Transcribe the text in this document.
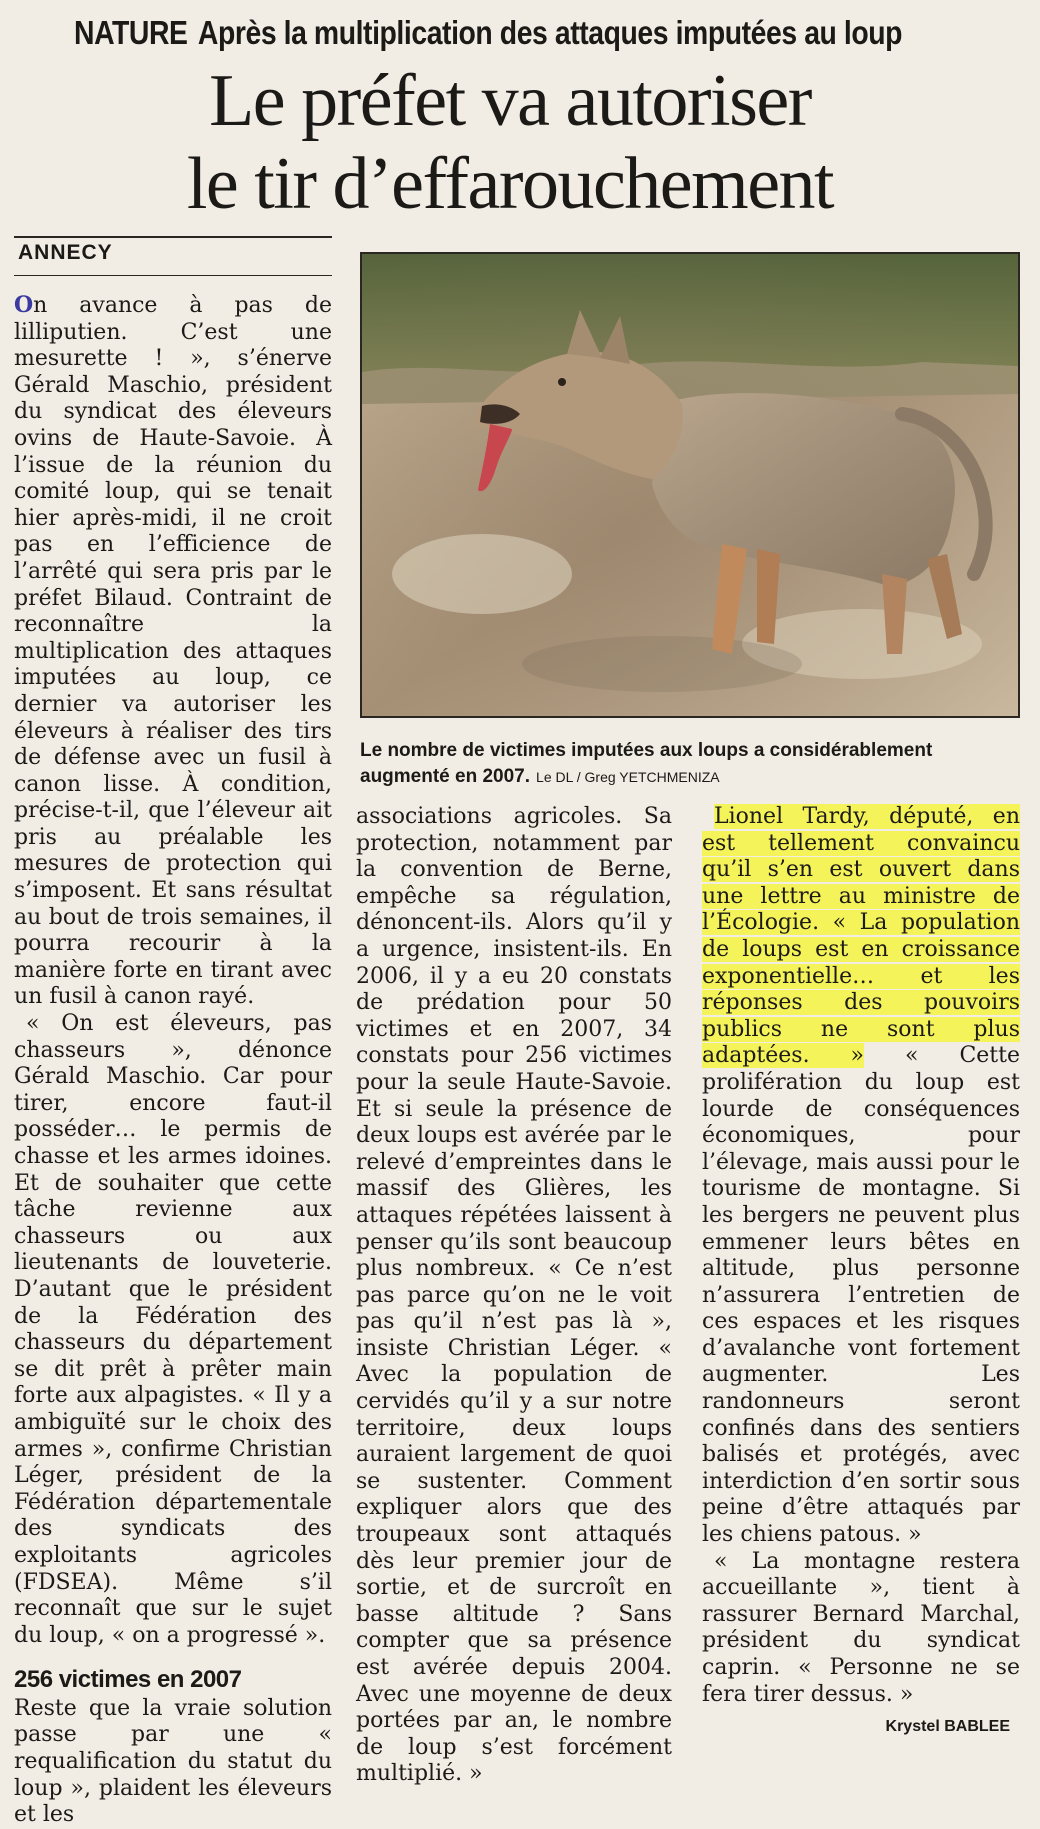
NATURE Après la multiplication des attaques imputées au loup
Le préfet va autoriser
le tir d’effarouchement
ANNECY

On avance à pas de lilliputien. C’est une mesurette ! », s’énerve Gérald Maschio, président du syndicat des éleveurs ovins de Haute-Savoie. À l’issue de la réunion du comité loup, qui se tenait hier après-midi, il ne croit pas en l’efficience de l’arrêté qui sera pris par le préfet Bilaud. Contraint de reconnaître la multiplication des attaques imputées au loup, ce dernier va autoriser les éleveurs à réaliser des tirs de défense avec un fusil à canon lisse. À condition, précise-t-il, que l’éleveur ait pris au préalable les mesures de protection qui s’imposent. Et sans résultat au bout de trois semaines, il pourra recourir à la manière forte en tirant avec un fusil à canon rayé.

« On est éleveurs, pas chasseurs », dénonce Gérald Maschio. Car pour tirer, encore faut-il posséder… le permis de chasse et les armes idoines. Et de souhaiter que cette tâche revienne aux chasseurs ou aux lieutenants de louveterie. D’autant que le président de la Fédération des chasseurs du département se dit prêt à prêter main forte aux alpagistes. « Il y a ambiguïté sur le choix des armes », confirme Christian Léger, président de la Fédération départementale des syndicats des exploitants agricoles (FDSEA). Même s’il reconnaît que sur le sujet du loup, « on a progressé ».

256 victimes en 2007

Reste que la vraie solution passe par une « requalification du statut du loup », plaident les éleveurs et les

Le nombre de victimes imputées aux loups a considérablement augmenté en 2007. Le DL / Greg YETCHMENIZA

associations agricoles. Sa protection, notamment par la convention de Berne, empêche sa régulation, dénoncent-ils. Alors qu’il y a urgence, insistent-ils. En 2006, il y a eu 20 constats de prédation pour 50 victimes et en 2007, 34 constats pour 256 victimes pour la seule Haute-Savoie. Et si seule la présence de deux loups est avérée par le relevé d’empreintes dans le massif des Glières, les attaques répétées laissent à penser qu’ils sont beaucoup plus nombreux. « Ce n’est pas parce qu’on ne le voit pas qu’il n’est pas là », insiste Christian Léger. « Avec la population de cervidés qu’il y a sur notre territoire, deux loups auraient largement de quoi se sustenter. Comment expliquer alors que des troupeaux sont attaqués dès leur premier jour de sortie, et de surcroît en basse altitude ? Sans compter que sa présence est avérée depuis 2004. Avec une moyenne de deux portées par an, le nombre de loup s’est forcément multiplié. »

Lionel Tardy, député, en est tellement convaincu qu’il s’en est ouvert dans une lettre au ministre de l’Écologie. « La population de loups est en croissance exponentielle… et les réponses des pouvoirs publics ne sont plus adaptées. » « Cette prolifération du loup est lourde de conséquences économiques, pour l’élevage, mais aussi pour le tourisme de montagne. Si les bergers ne peuvent plus emmener leurs bêtes en altitude, plus personne n’assurera l’entretien de ces espaces et les risques d’avalanche vont fortement augmenter. Les randonneurs seront confinés dans des sentiers balisés et protégés, avec interdiction d’en sortir sous peine d’être attaqués par les chiens patous. »

« La montagne restera accueillante », tient à rassurer Bernard Marchal, président du syndicat caprin. « Personne ne se fera tirer dessus. »

Krystel BABLEE
